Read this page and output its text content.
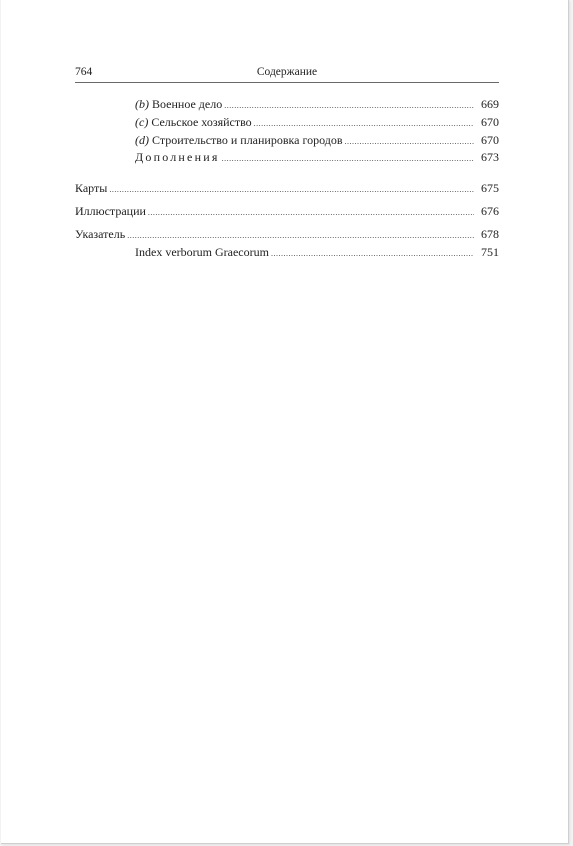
764	Содержание
(b) Военное дело .....	669
(c) Сельское хозяйство .....	670
(d) Строительство и планировка городов .....	670
Дополнения .....	673
Карты .....	675
Иллюстрации .....	676
Указатель .....	678
Index verborum Graecorum .....	751
